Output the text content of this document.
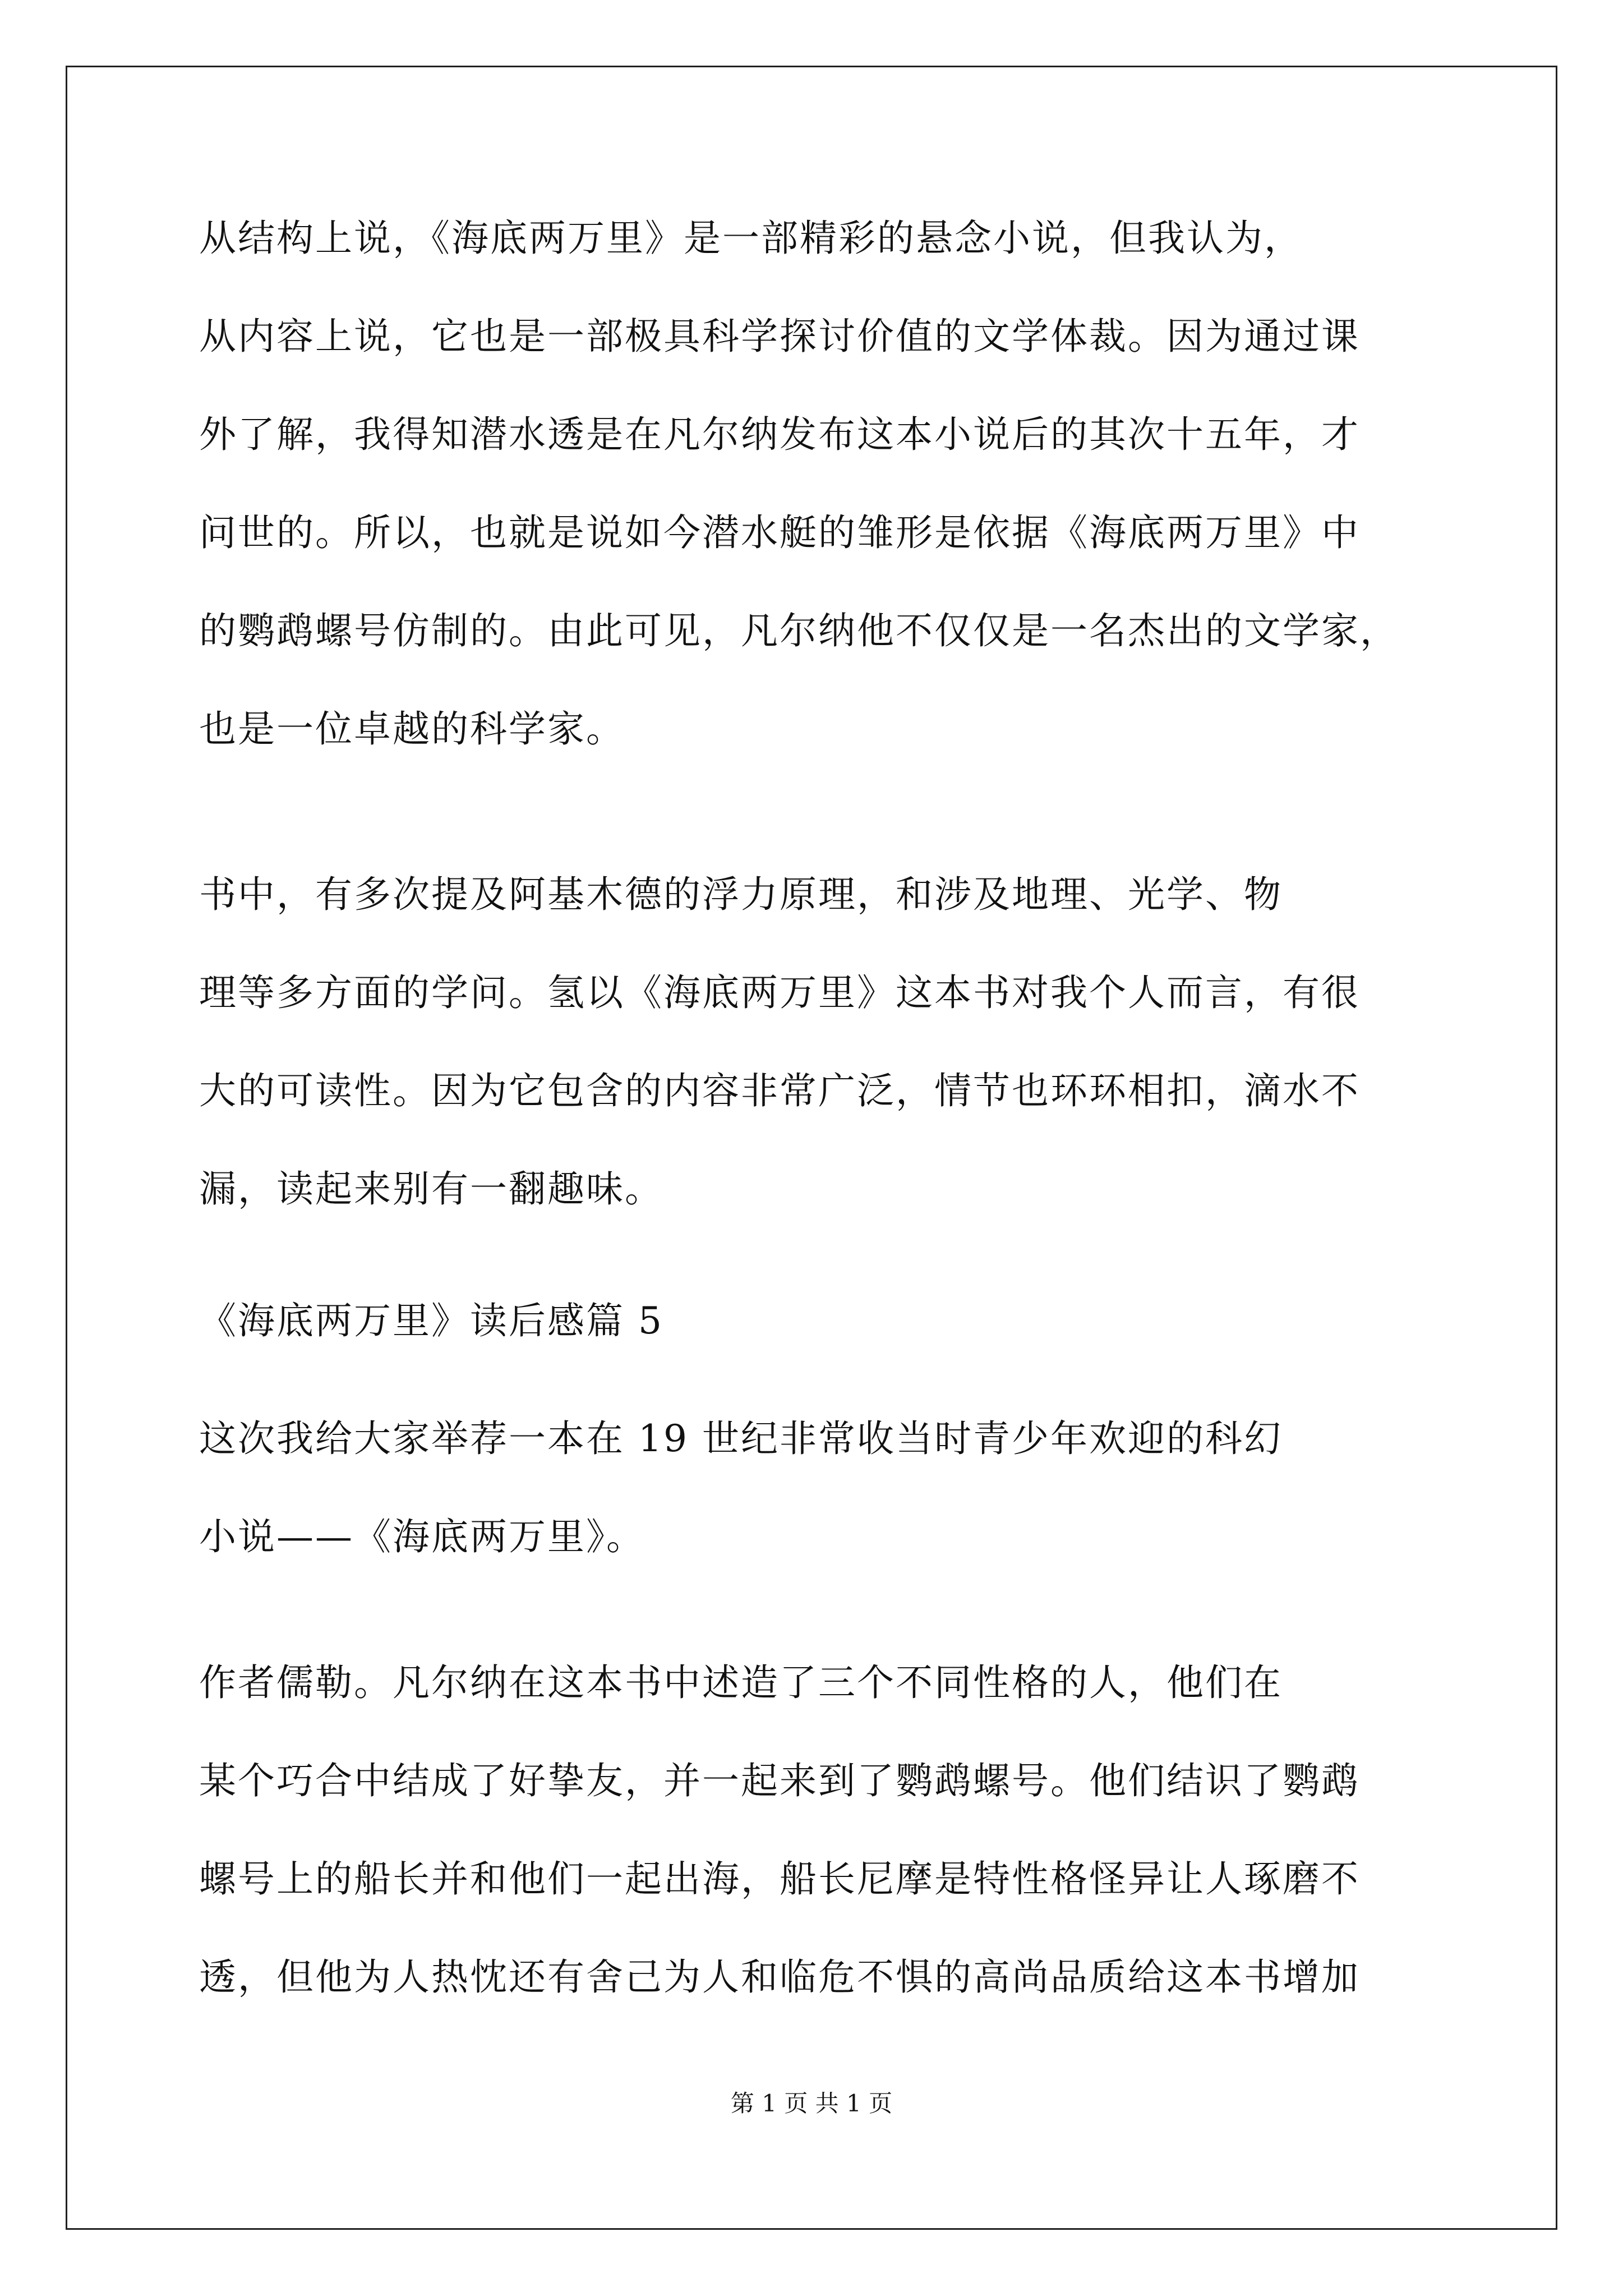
从结构上说，《海底两万里》是一部精彩的悬念小说，但我认为，
从内容上说，它也是一部极具科学探讨价值的文学体裁。因为通过课
外了解，我得知潜水透是在凡尔纳发布这本小说后的其次十五年，才
问世的。所以，也就是说如今潜水艇的雏形是依据《海底两万里》中
的鹦鹉螺号仿制的。由此可见，凡尔纳他不仅仅是一名杰出的文学家，
也是一位卓越的科学家。
书中，有多次提及阿基木德的浮力原理，和涉及地理、光学、物
理等多方面的学问。氢以《海底两万里》这本书对我个人而言，有很
大的可读性。因为它包含的内容非常广泛，情节也环环相扣，滴水不
漏，读起来别有一翻趣味。
《海底两万里》读后感篇 5
这次我给大家举荐一本在 19 世纪非常收当时青少年欢迎的科幻
小说——《海底两万里》。
作者儒勒。凡尔纳在这本书中述造了三个不同性格的人，他们在
某个巧合中结成了好挚友，并一起来到了鹦鹉螺号。他们结识了鹦鹉
螺号上的船长并和他们一起出海，船长尼摩是特性格怪异让人琢磨不
透，但他为人热忱还有舍己为人和临危不惧的高尚品质给这本书增加
第 1 页 共 1 页
